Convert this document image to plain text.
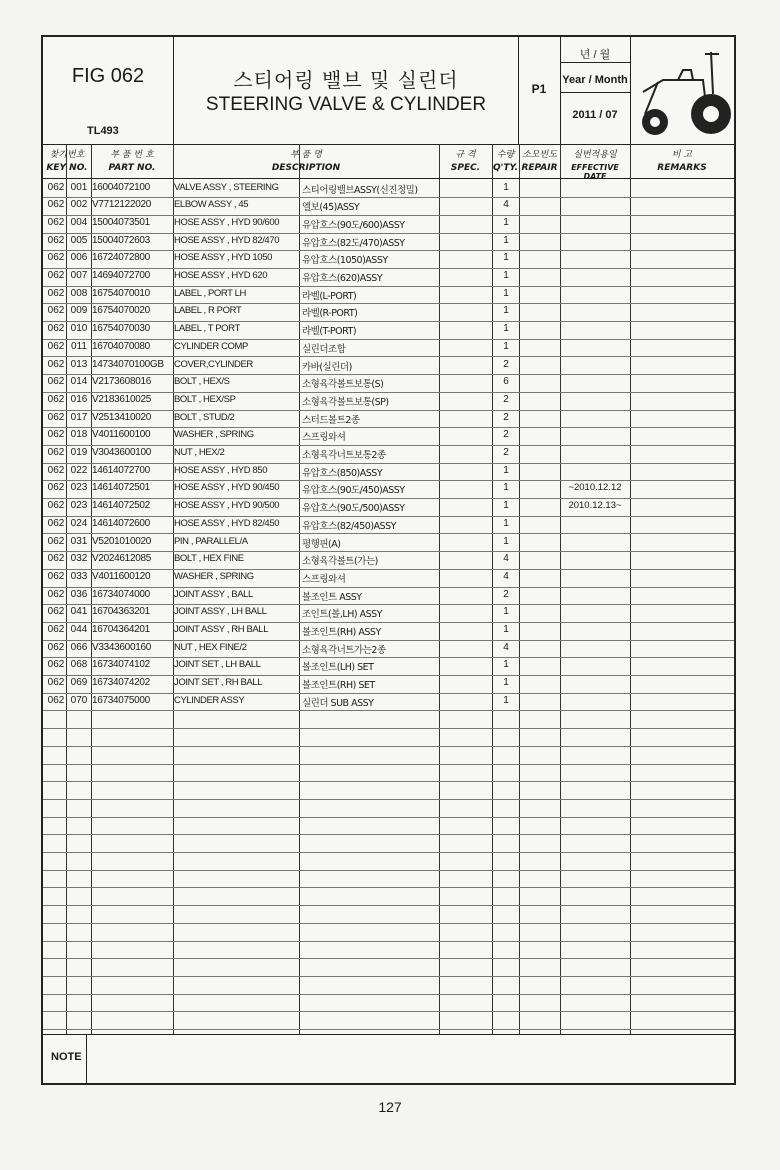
FIG 062
TL493
스티어링 밸브 및 실린더
STEERING VALVE & CYLINDER
P1
년 / 월
Year / Month
2011 / 07
찾기번호
KEY NO.
부 품 번 호
PART NO.
부 품 명
DESCRIPTION
규 격
SPEC.
수량
Q'TY.
소모빈도
REPAIR
실번적용일
EFFECTIVE DATE
비 고
REMARKS
062 001 16004072100	VALVE ASSY , STEERING	스티어링밸브ASSY(신진정밀)	1
062 002 V7712122020	ELBOW ASSY , 45	엘보(45)ASSY	4
062 004 15004073501	HOSE ASSY , HYD 90/600	유압호스(90도/600)ASSY	1
062 005 15004072603	HOSE ASSY , HYD 82/470	유압호스(82도/470)ASSY	1
062 006 16724072800	HOSE ASSY , HYD 1050	유압호스(1050)ASSY	1
062 007 14694072700	HOSE ASSY , HYD 620	유압호스(620)ASSY	1
062 008 16754070010	LABEL , PORT LH	라벨(L-PORT)	1
062 009 16754070020	LABEL , R PORT	라벨(R-PORT)	1
062 010 16754070030	LABEL , T PORT	라벨(T-PORT)	1
062 011 16704070080	CYLINDER COMP	실린더조합	1
062 013 14734070100GB	COVER,CYLINDER	카바(실린더)	2
062 014 V2173608016	BOLT , HEX/S	소형육각볼트보통(S)	6
062 016 V2183610025	BOLT , HEX/SP	소형육각볼트보통(SP)	2
062 017 V2513410020	BOLT , STUD/2	스터드볼트2종	2
062 018 V4011600100	WASHER , SPRING	스프링와셔	2
062 019 V3043600100	NUT , HEX/2	소형육각너트보통2종	2
062 022 14614072700	HOSE ASSY , HYD 850	유압호스(850)ASSY	1
062 023 14614072501	HOSE ASSY , HYD 90/450	유압호스(90도/450)ASSY	1	~2010.12.12
062 023 14614072502	HOSE ASSY , HYD 90/500	유압호스(90도/500)ASSY	1	2010.12.13~
062 024 14614072600	HOSE ASSY , HYD 82/450	유압호스(82/450)ASSY	1
062 031 V5201010020	PIN , PARALLEL/A	평행핀(A)	1
062 032 V2024612085	BOLT , HEX FINE	소형육각볼트(가는)	4
062 033 V4011600120	WASHER , SPRING	스프링와셔	4
062 036 16734074000	JOINT ASSY , BALL	볼조인트 ASSY	2
062 041 16704363201	JOINT ASSY , LH BALL	조인트(볼,LH) ASSY	1
062 044 16704364201	JOINT ASSY , RH BALL	볼조인트(RH) ASSY	1
062 066 V3343600160	NUT , HEX FINE/2	소형육각너트가는2종	4
062 068 16734074102	JOINT SET , LH BALL	볼조인트(LH) SET	1
062 069 16734074202	JOINT SET , RH BALL	볼조인트(RH) SET	1
062 070 16734075000	CYLINDER ASSY	실린더 SUB ASSY	1
NOTE
127
